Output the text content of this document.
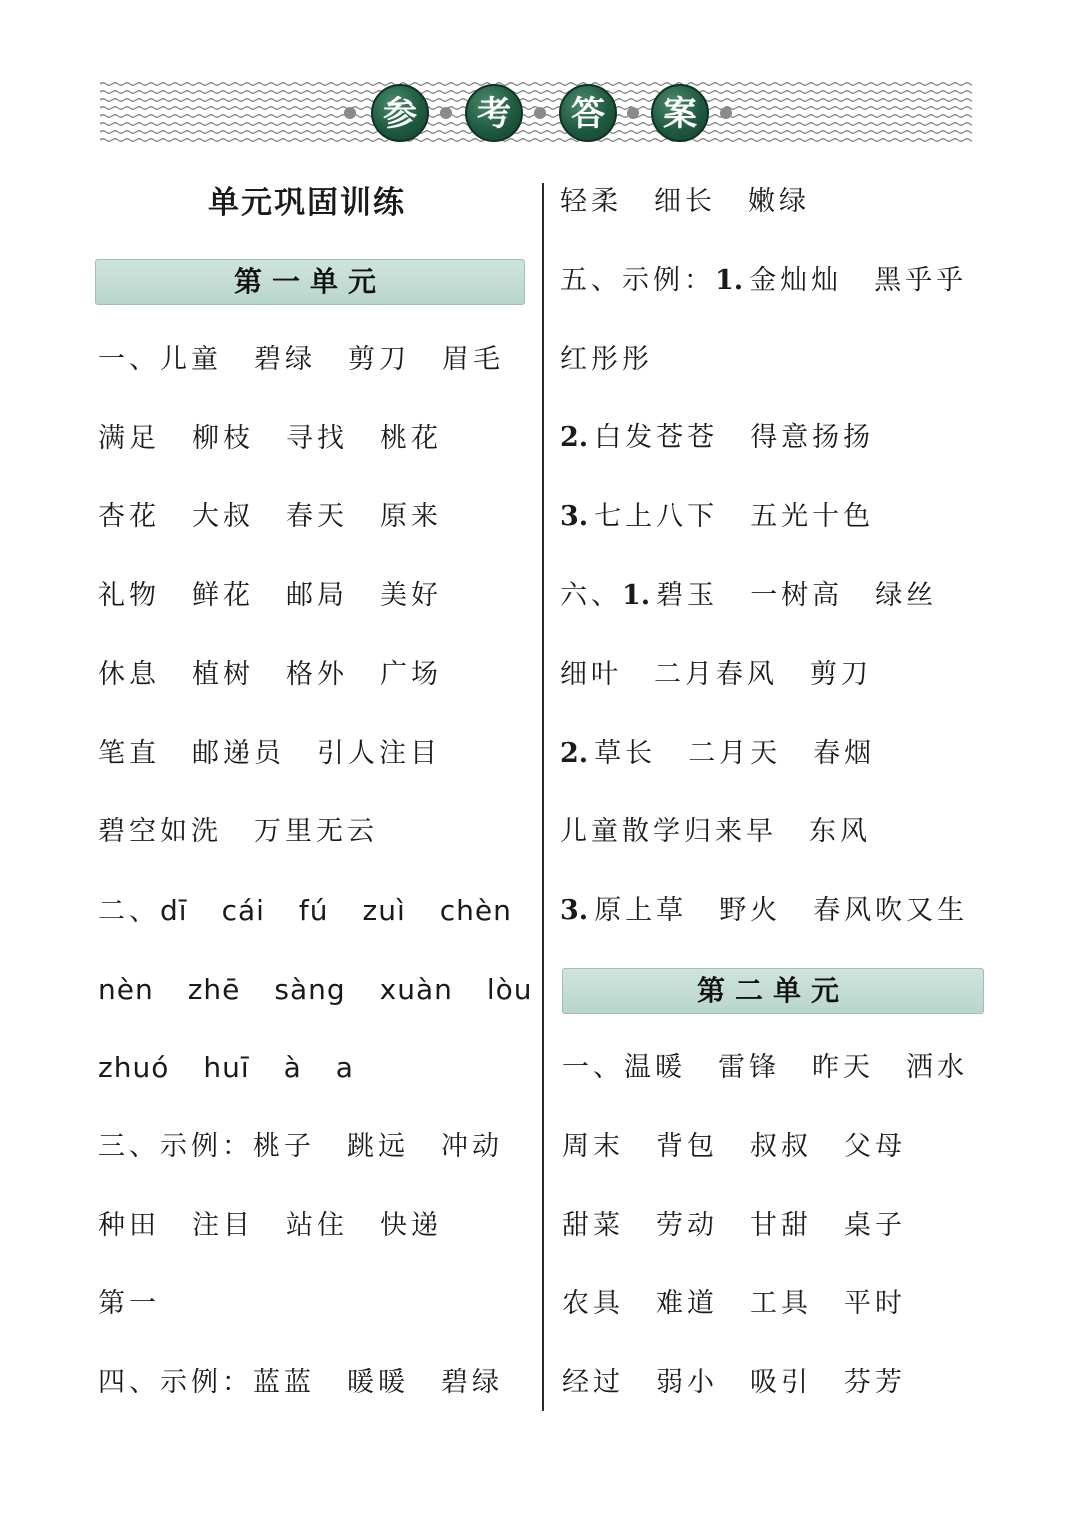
参	考	答	案
单元巩固训练
第一单元
一、儿童 碧绿 剪刀 眉毛
满足 柳枝 寻找 桃花
杏花 大叔 春天 原来
礼物 鲜花 邮局 美好
休息 植树 格外 广场
笔直 邮递员 引人注目
碧空如洗 万里无云
二、dī cái fú zuì chèn
nèn zhē sàng xuàn lòu
zhuó huī à a
三、示例：桃子 跳远 冲动
种田 注目 站住 快递
第一
四、示例：蓝蓝 暖暖 碧绿
轻柔 细长 嫩绿
五、示例：1. 金灿灿 黑乎乎
红彤彤
2. 白发苍苍 得意扬扬
3. 七上八下 五光十色
六、1. 碧玉 一树高 绿丝
细叶 二月春风 剪刀
2. 草长 二月天 春烟
儿童散学归来早 东风
3. 原上草 野火 春风吹又生
第二单元
一、温暖 雷锋 昨天 洒水
周末 背包 叔叔 父母
甜菜 劳动 甘甜 桌子
农具 难道 工具 平时
经过 弱小 吸引 芬芳
